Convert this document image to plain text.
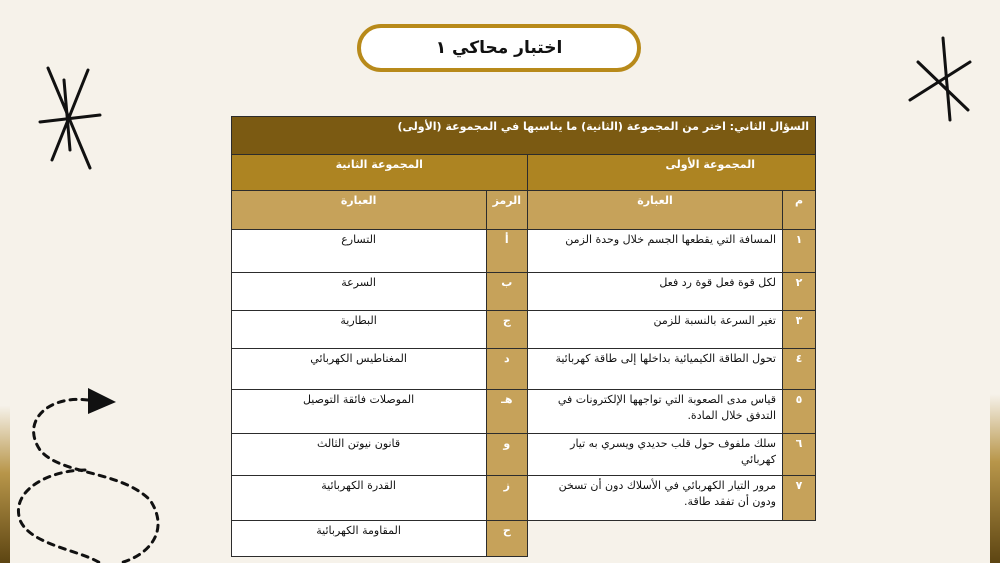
اختبار محاكي ١
السؤال الثاني: اختر من المجموعة (الثانية) ما يناسبها في المجموعة (الأولى)			
المجموعة الأولى		المجموعة الثانية	
م	العبارة	الرمز	العبارة
١	المسافة التي يقطعها الجسم خلال وحدة الزمن	أ	التسارع
٢	لكل قوة فعل قوة رد فعل	ب	السرعة
٣	تغير السرعة بالنسبة للزمن	ج	البطارية
٤	تحول الطاقة الكيميائية بداخلها إلى طاقة كهربائية	د	المغناطيس الكهربائي
٥	قياس مدى الصعوبة التي تواجهها الإلكترونات في التدفق خلال المادة.	هـ	الموصلات فائقة التوصيل
٦	سلك ملفوف حول قلب حديدي ويسري به تيار كهربائي	و	قانون نيوتن الثالث
٧	مرور التيار الكهربائي في الأسلاك دون أن تسخن ودون أن تفقد طاقة.	ز	القدرة الكهربائية
		ح	المقاومة الكهربائية
